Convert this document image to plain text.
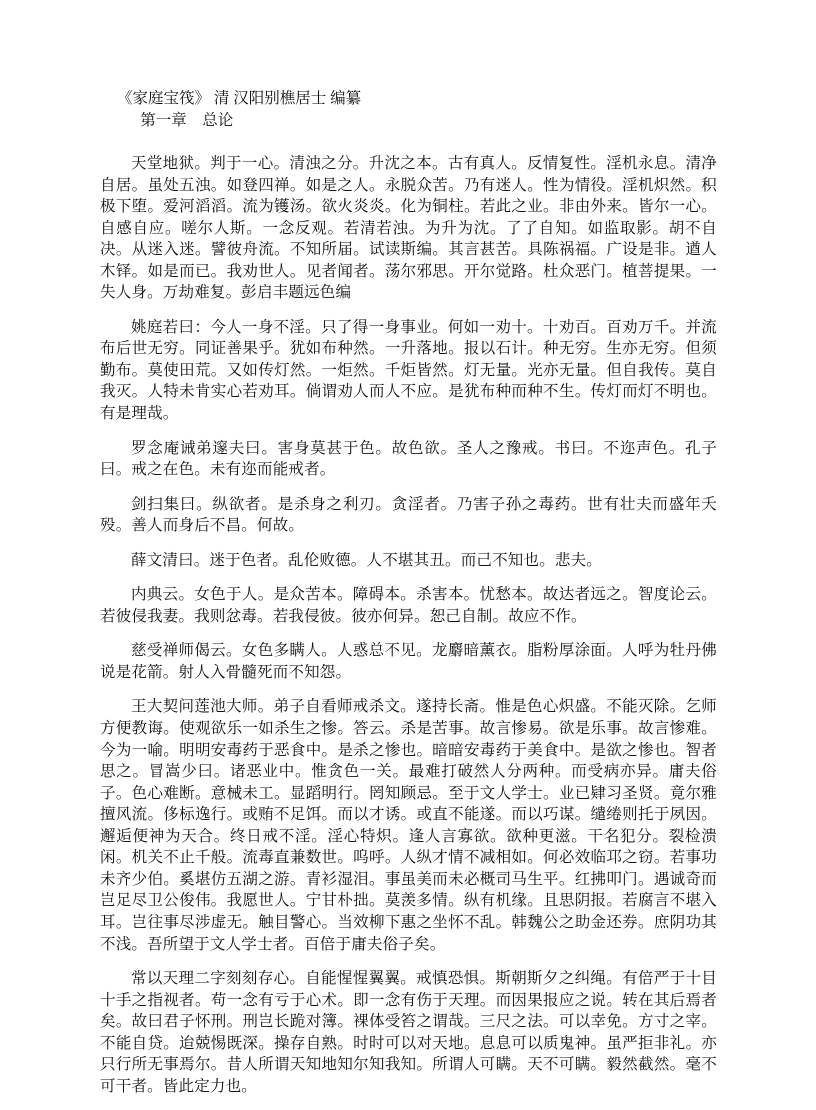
《家庭宝筏》 清 汉阳别樵居士 编纂

第一章　总论

天堂地狱。判于一心。清浊之分。升沈之本。古有真人。反情复性。淫机永息。清净自居。虽处五浊。如登四禅。如是之人。永脱众苦。乃有迷人。性为情役。淫机炽然。积极下堕。爱河滔滔。流为镬汤。欲火炎炎。化为铜柱。若此之业。非由外来。皆尔一心。自感自应。嗟尔人斯。一念反观。若清若浊。为升为沈。了了自知。如监取影。胡不自决。从迷入迷。譬彼舟流。不知所届。试读斯编。其言甚苦。具陈祸福。广设是非。遒人木铎。如是而已。我劝世人。见者闻者。荡尔邪思。开尔觉路。杜众恶门。植菩提果。一失人身。万劫难复。彭启丰题远色编

姚庭若曰：今人一身不淫。只了得一身事业。何如一劝十。十劝百。百劝万千。并流布后世无穷。同证善果乎。犹如布种然。一升落地。报以石计。种无穷。生亦无穷。但须勤布。莫使田荒。又如传灯然。一炬然。千炬皆然。灯无量。光亦无量。但自我传。莫自我灭。人特未肯实心若劝耳。倘谓劝人而人不应。是犹布种而种不生。传灯而灯不明也。有是理哉。

罗念庵诫弟邃夫曰。害身莫甚于色。故色欲。圣人之豫戒。书曰。不迩声色。孔子曰。戒之在色。未有迩而能戒者。

剑扫集曰。纵欲者。是杀身之利刃。贪淫者。乃害子孙之毒药。世有壮夫而盛年夭殁。善人而身后不昌。何故。

薛文清曰。迷于色者。乱伦败德。人不堪其丑。而己不知也。悲夫。

内典云。女色于人。是众苦本。障碍本。杀害本。忧愁本。故达者远之。智度论云。若彼侵我妻。我则忿毒。若我侵彼。彼亦何异。恕己自制。故应不作。

慈受禅师偈云。女色多瞒人。人惑总不见。龙麝暗薰衣。脂粉厚涂面。人呼为牡丹佛说是花箭。射人入骨髓死而不知怨。

王大契问莲池大师。弟子自看师戒杀文。遂持长斋。惟是色心炽盛。不能灭除。乞师方便教诲。使观欲乐一如杀生之惨。答云。杀是苦事。故言惨易。欲是乐事。故言惨难。今为一喻。明明安毒药于恶食中。是杀之惨也。暗暗安毒药于美食中。是欲之惨也。智者思之。冒嵩少曰。诸恶业中。惟贪色一关。最难打破然人分两种。而受病亦异。庸夫俗子。色心难断。意械未工。显蹈明行。罔知顾忌。至于文人学士。业已肄习圣贤。竟尔雅擅风流。侈标逸行。或贿不足饵。而以才诱。或直不能遂。而以巧谋。缱绻则托于夙因。邂逅便神为天合。终日戒不淫。淫心特炽。逢人言寡欲。欲种更滋。干名犯分。裂检溃闲。机关不止千般。流毒直兼数世。呜呼。人纵才情不减相如。何必效临邛之窃。若事功未齐少伯。奚堪仿五湖之游。青衫湿泪。事虽美而未必概司马生平。红拂叩门。遇诚奇而岂足尽卫公俊伟。我愿世人。宁甘朴拙。莫羡多情。纵有机缘。且思阴报。若腐言不堪入耳。岂往事尽涉虚无。触目警心。当效柳下惠之坐怀不乱。韩魏公之助金还券。庶阴功其不浅。吾所望于文人学士者。百倍于庸夫俗子矣。

常以天理二字刻刻存心。自能惺惺翼翼。戒慎恐惧。斯朝斯夕之纠绳。有倍严于十目十手之指视者。苟一念有亏于心术。即一念有伤于天理。而因果报应之说。转在其后焉者矣。故曰君子怀刑。刑岂长跪对簿。裸体受笞之谓哉。三尺之法。可以幸免。方寸之宰。不能自贷。迨兢惕既深。操存自熟。时时可以对天地。息息可以质鬼神。虽严拒非礼。亦只行所无事焉尔。昔人所谓天知地知尔知我知。所谓人可瞒。天不可瞒。毅然截然。毫不可干者。皆此定力也。
